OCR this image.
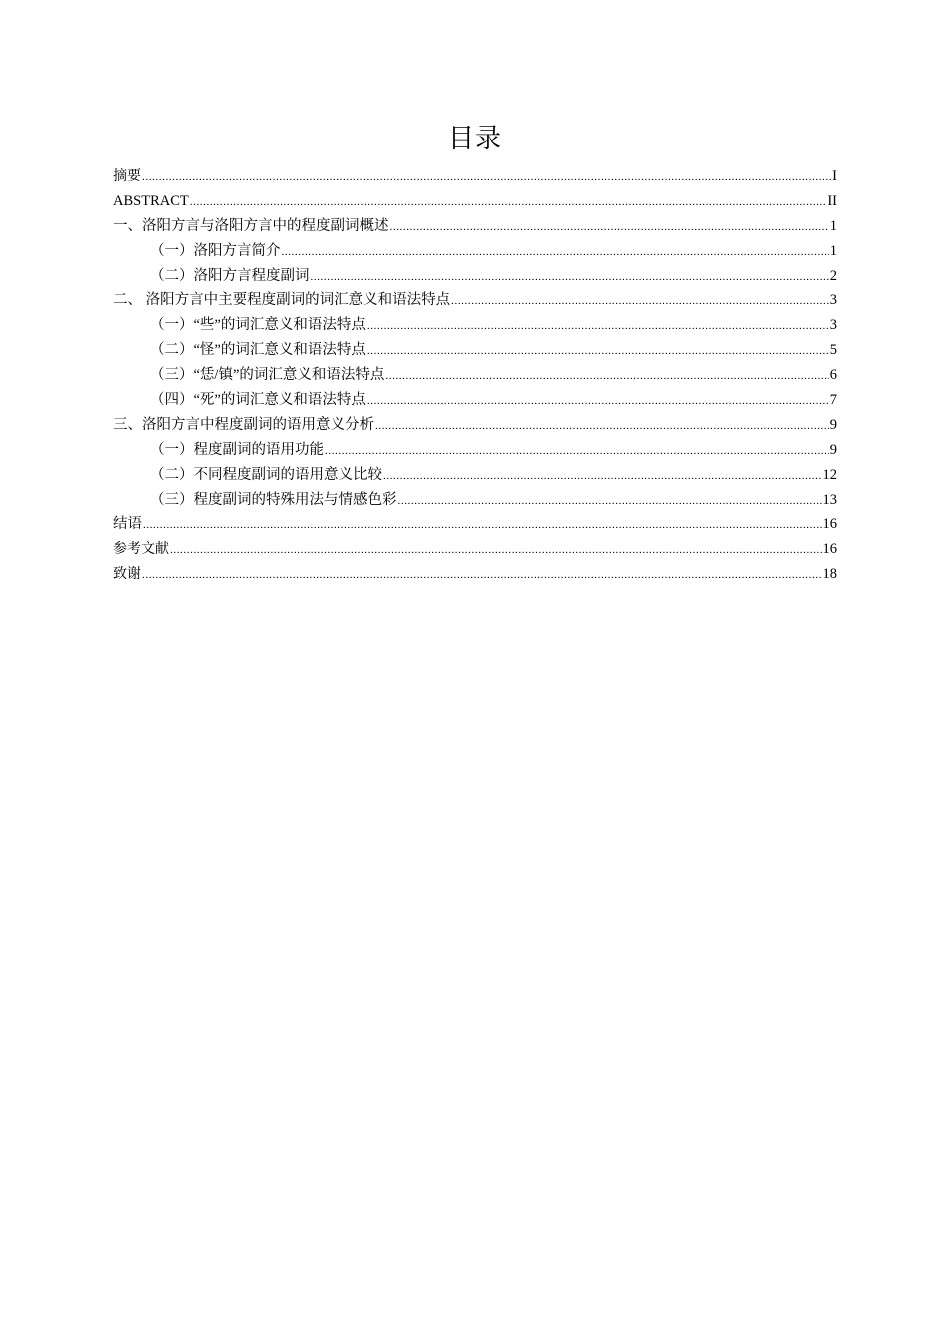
目录
摘要 .....	I
ABSTRACT .....	II
一、洛阳方言与洛阳方言中的程度副词概述 .....	1
（一）洛阳方言简介 .....	1
（二）洛阳方言程度副词 .....	2
二、 洛阳方言中主要程度副词的词汇意义和语法特点 .....	3
（一）“些”的词汇意义和语法特点 .....	3
（二）“怪”的词汇意义和语法特点 .....	5
（三）“恁/镇”的词汇意义和语法特点 .....	6
（四）“死”的词汇意义和语法特点 .....	7
三、洛阳方言中程度副词的语用意义分析 .....	9
（一）程度副词的语用功能 .....	9
（二）不同程度副词的语用意义比较 .....	12
（三）程度副词的特殊用法与情感色彩 .....	13
结语 .....	16
参考文献 .....	16
致谢 .....	18
